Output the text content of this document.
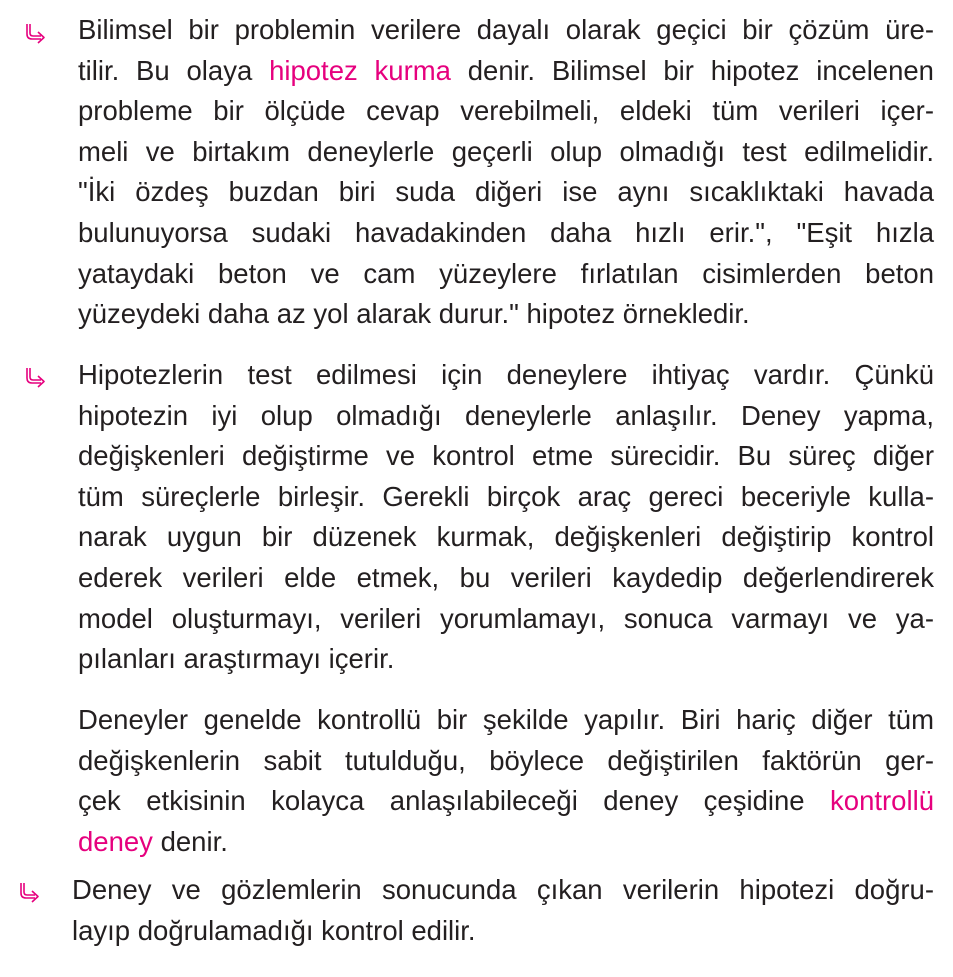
Bilimsel bir problemin verilere dayalı olarak geçici bir çözüm üre-
tilir. Bu olaya hipotez kurma denir. Bilimsel bir hipotez incelenen
probleme bir ölçüde cevap verebilmeli, eldeki tüm verileri içer-
meli ve birtakım deneylerle geçerli olup olmadığı test edilmelidir.
"İki özdeş buzdan biri suda diğeri ise aynı sıcaklıktaki havada
bulunuyorsa sudaki havadakinden daha hızlı erir.", "Eşit hızla
yataydaki beton ve cam yüzeylere fırlatılan cisimlerden beton
yüzeydeki daha az yol alarak durur." hipotez örnekledir.
Hipotezlerin test edilmesi için deneylere ihtiyaç vardır. Çünkü
hipotezin iyi olup olmadığı deneylerle anlaşılır. Deney yapma,
değişkenleri değiştirme ve kontrol etme sürecidir. Bu süreç diğer
tüm süreçlerle birleşir. Gerekli birçok araç gereci beceriyle kulla-
narak uygun bir düzenek kurmak, değişkenleri değiştirip kontrol
ederek verileri elde etmek, bu verileri kaydedip değerlendirerek
model oluşturmayı, verileri yorumlamayı, sonuca varmayı ve ya-
pılanları araştırmayı içerir.
Deneyler genelde kontrollü bir şekilde yapılır. Biri hariç diğer tüm
değişkenlerin sabit tutulduğu, böylece değiştirilen faktörün ger-
çek etkisinin kolayca anlaşılabileceği deney çeşidine kontrollü
deney denir.
Deney ve gözlemlerin sonucunda çıkan verilerin hipotezi doğru-
layıp doğrulamadığı kontrol edilir.
